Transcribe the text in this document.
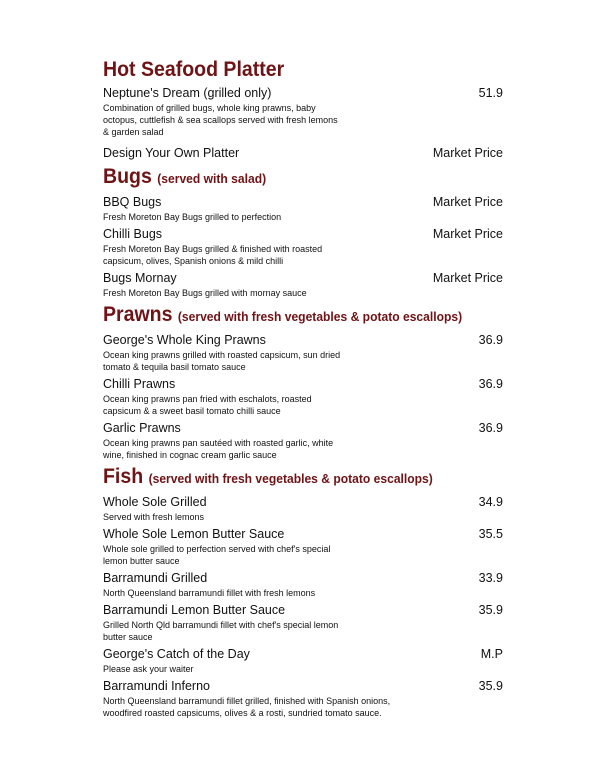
Hot Seafood Platter
Neptune's Dream (grilled only)	51.9
Combination of grilled bugs, whole king prawns, baby octopus, cuttlefish & sea scallops served with fresh lemons & garden salad
Design Your Own Platter	Market Price
Bugs (served with salad)
BBQ Bugs	Market Price
Fresh Moreton Bay Bugs grilled to perfection
Chilli Bugs	Market Price
Fresh Moreton Bay Bugs grilled & finished with roasted capsicum, olives, Spanish onions & mild chilli
Bugs Mornay	Market Price
Fresh Moreton Bay Bugs grilled with mornay sauce
Prawns (served with fresh vegetables & potato escallops)
George's Whole King Prawns	36.9
Ocean king prawns grilled with roasted capsicum, sun dried tomato & tequila basil tomato sauce
Chilli Prawns	36.9
Ocean king prawns pan fried with eschalots, roasted capsicum & a sweet basil tomato chilli sauce
Garlic Prawns	36.9
Ocean king prawns pan sautéed with roasted garlic, white wine, finished in cognac cream garlic sauce
Fish (served with fresh vegetables & potato escallops)
Whole Sole Grilled	34.9
Served with fresh lemons
Whole Sole Lemon Butter Sauce	35.5
Whole sole grilled to perfection served with chef's special lemon butter sauce
Barramundi Grilled	33.9
North Queensland barramundi fillet with fresh lemons
Barramundi Lemon Butter Sauce	35.9
Grilled North Qld barramundi fillet with chef's special lemon butter sauce
George's Catch of the Day	M.P
Please ask your waiter
Barramundi Inferno	35.9
North Queensland barramundi fillet grilled, finished with Spanish onions, woodfired roasted capsicums, olives & a rosti, sundried tomato sauce.
